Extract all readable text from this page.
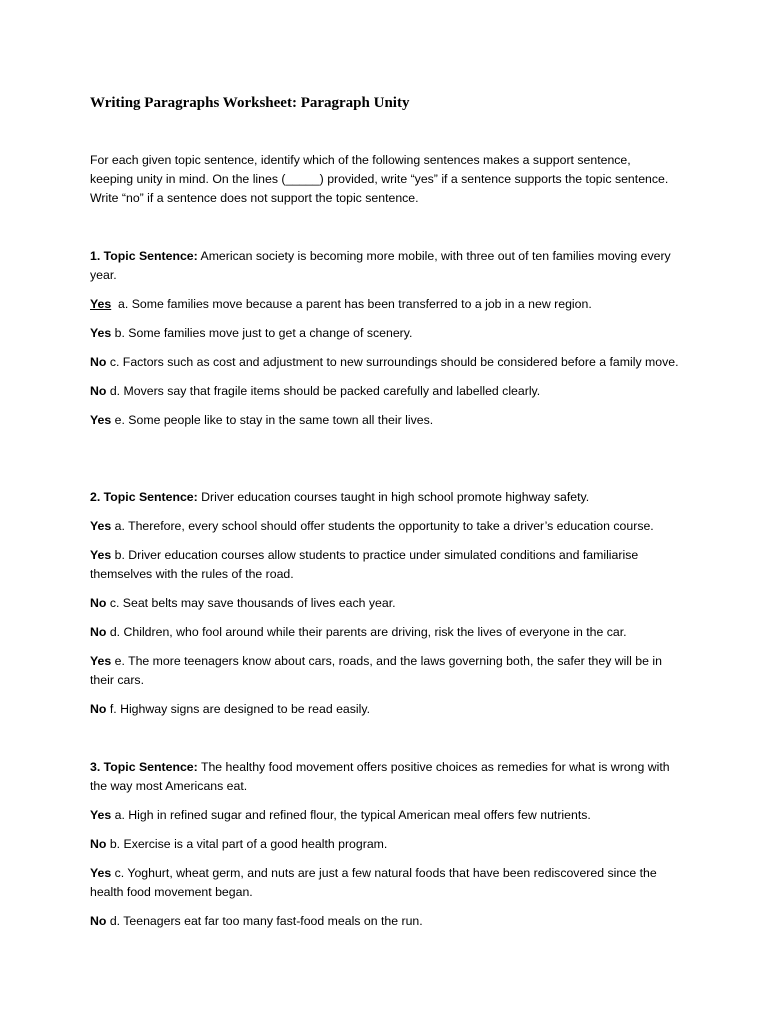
Writing Paragraphs Worksheet: Paragraph Unity
For each given topic sentence, identify which of the following sentences makes a support sentence, keeping unity in mind. On the lines (_____) provided, write “yes” if a sentence supports the topic sentence. Write “no” if a sentence does not support the topic sentence.

1. Topic Sentence: American society is becoming more mobile, with three out of ten families moving every year.

Yes  a. Some families move because a parent has been transferred to a job in a new region.

Yes b. Some families move just to get a change of scenery.

No c. Factors such as cost and adjustment to new surroundings should be considered before a family move.

No d. Movers say that fragile items should be packed carefully and labelled clearly.

Yes e. Some people like to stay in the same town all their lives.

2. Topic Sentence: Driver education courses taught in high school promote highway safety.

Yes a. Therefore, every school should offer students the opportunity to take a driver’s education course.

Yes b. Driver education courses allow students to practice under simulated conditions and familiarise themselves with the rules of the road.

No c. Seat belts may save thousands of lives each year.

No d. Children, who fool around while their parents are driving, risk the lives of everyone in the car.

Yes e. The more teenagers know about cars, roads, and the laws governing both, the safer they will be in their cars.

No f. Highway signs are designed to be read easily.

3. Topic Sentence: The healthy food movement offers positive choices as remedies for what is wrong with the way most Americans eat.

Yes a. High in refined sugar and refined flour, the typical American meal offers few nutrients.

No b. Exercise is a vital part of a good health program.

Yes c. Yoghurt, wheat germ, and nuts are just a few natural foods that have been rediscovered since the health food movement began.

No d. Teenagers eat far too many fast-food meals on the run.
